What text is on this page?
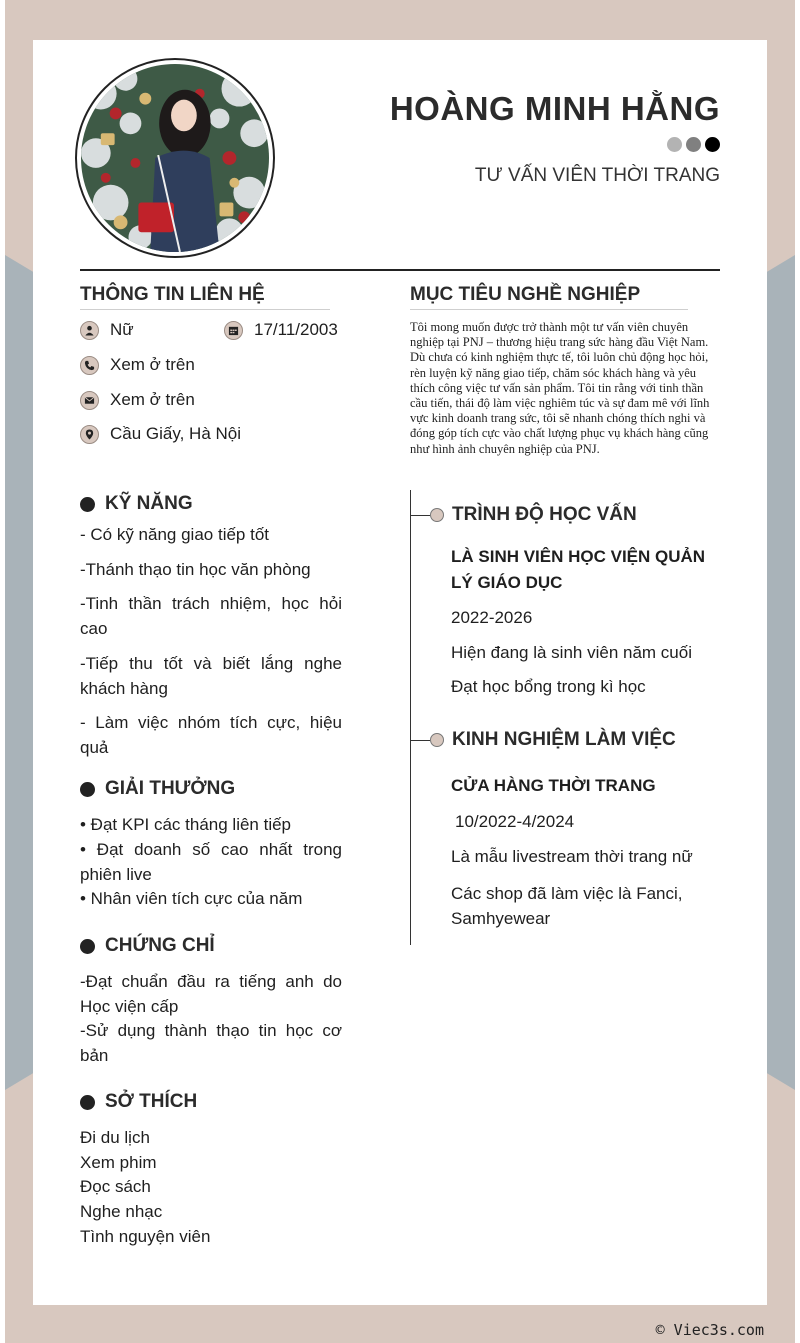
HOÀNG MINH HẰNG
TƯ VẤN VIÊN THỜI TRANG
THÔNG TIN LIÊN HỆ
Nữ	17/11/2003
Xem ở trên
Xem ở trên
Cầu Giấy, Hà Nội
MỤC TIÊU NGHỀ NGHIỆP
Tôi mong muốn được trở thành một tư vấn viên chuyên nghiệp tại PNJ – thương hiệu trang sức hàng đầu Việt Nam. Dù chưa có kinh nghiệm thực tế, tôi luôn chủ động học hỏi, rèn luyện kỹ năng giao tiếp, chăm sóc khách hàng và yêu thích công việc tư vấn sản phẩm. Tôi tin rằng với tinh thần cầu tiến, thái độ làm việc nghiêm túc và sự đam mê với lĩnh vực kinh doanh trang sức, tôi sẽ nhanh chóng thích nghi và đóng góp tích cực vào chất lượng phục vụ khách hàng cũng như hình ảnh chuyên nghiệp của PNJ.
KỸ NĂNG
- Có kỹ năng giao tiếp tốt
-Thánh thạo tin học văn phòng
-Tinh thần trách nhiệm, học hỏi cao
-Tiếp thu tốt và biết lắng nghe khách hàng
- Làm việc nhóm tích cực, hiệu quả
GIẢI THƯỞNG
• Đạt KPI các tháng liên tiếp
• Đạt doanh số cao nhất trong phiên live
• Nhân viên tích cực của năm
CHỨNG CHỈ
-Đạt chuẩn đầu ra tiếng anh do Học viện cấp
-Sử dụng thành thạo tin học cơ bản
SỞ THÍCH
Đi du lịch
Xem phim
Đọc sách
Nghe nhạc
Tình nguyện viên
TRÌNH ĐỘ HỌC VẤN
LÀ SINH VIÊN HỌC VIỆN QUẢN LÝ GIÁO DỤC
2022-2026
Hiện đang là sinh viên năm cuối
Đạt học bổng trong kì học
KINH NGHIỆM LÀM VIỆC
CỬA HÀNG THỜI TRANG
10/2022-4/2024
Là mẫu livestream thời trang nữ
Các shop đã làm việc là Fanci, Samhyewear
© Viec3s.com
